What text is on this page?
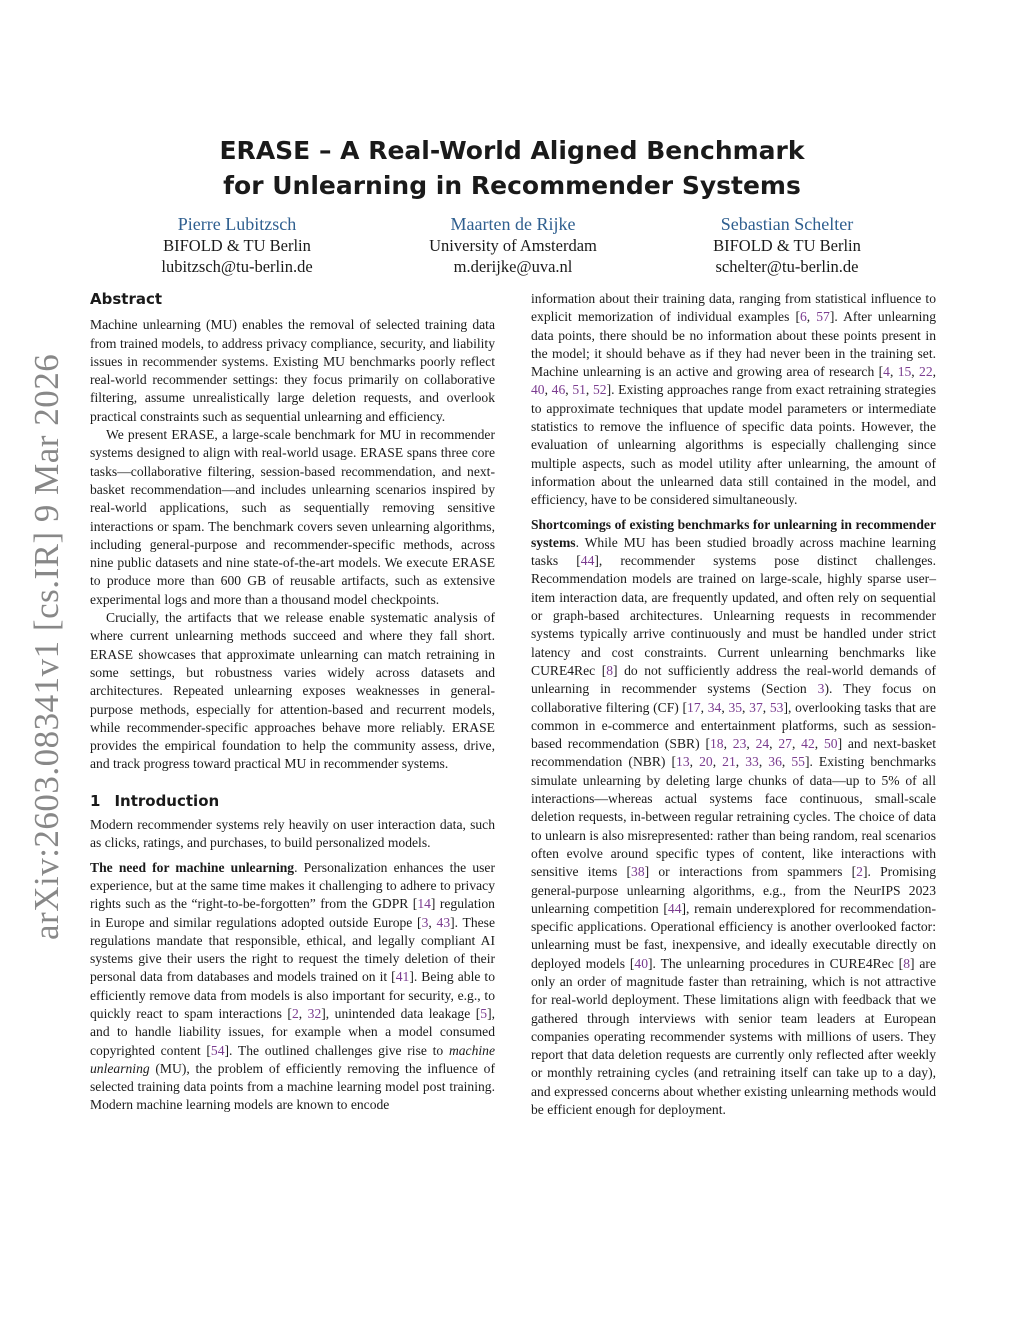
arXiv:2603.08341v1 [cs.IR] 9 Mar 2026
ERASE – A Real-World Aligned Benchmark
for Unlearning in Recommender Systems
Pierre Lubitzsch
BIFOLD & TU Berlin
lubitzsch@tu-berlin.de
Maarten de Rijke
University of Amsterdam
m.derijke@uva.nl
Sebastian Schelter
BIFOLD & TU Berlin
schelter@tu-berlin.de
Abstract

Machine unlearning (MU) enables the removal of selected training data from trained models, to address privacy compliance, security, and liability issues in recommender systems. Existing MU benchmarks poorly reflect real-world recommender settings: they focus primarily on collaborative filtering, assume unrealistically large deletion requests, and overlook practical constraints such as sequential unlearning and efficiency.

We present ERASE, a large-scale benchmark for MU in recommender systems designed to align with real-world usage. ERASE spans three core tasks—collaborative filtering, session-based recommendation, and next-basket recommendation—and includes unlearning scenarios inspired by real-world applications, such as sequentially removing sensitive interactions or spam. The benchmark covers seven unlearning algorithms, including general-purpose and recommender-specific methods, across nine public datasets and nine state-of-the-art models. We execute ERASE to produce more than 600 GB of reusable artifacts, such as extensive experimental logs and more than a thousand model checkpoints.

Crucially, the artifacts that we release enable systematic analysis of where current unlearning methods succeed and where they fall short. ERASE showcases that approximate unlearning can match retraining in some settings, but robustness varies widely across datasets and architectures. Repeated unlearning exposes weaknesses in general-purpose methods, especially for attention-based and recurrent models, while recommender-specific approaches behave more reliably. ERASE provides the empirical foundation to help the community assess, drive, and track progress toward practical MU in recommender systems.

1 Introduction

Modern recommender systems rely heavily on user interaction data, such as clicks, ratings, and purchases, to build personalized models.

The need for machine unlearning. Personalization enhances the user experience, but at the same time makes it challenging to adhere to privacy rights such as the “right-to-be-forgotten” from the GDPR [14] regulation in Europe and similar regulations adopted outside Europe [3, 43]. These regulations mandate that responsible, ethical, and legally compliant AI systems give their users the right to request the timely deletion of their personal data from databases and models trained on it [41]. Being able to efficiently remove data from models is also important for security, e.g., to quickly react to spam interactions [2, 32], unintended data leakage [5], and to handle liability issues, for example when a model consumed copyrighted content [54]. The outlined challenges give rise to machine unlearning (MU), the problem of efficiently removing the influence of selected training data points from a machine learning model post training. Modern machine learning models are known to encode

information about their training data, ranging from statistical influence to explicit memorization of individual examples [6, 57]. After unlearning data points, there should be no information about these points present in the model; it should behave as if they had never been in the training set. Machine unlearning is an active and growing area of research [4, 15, 22, 40, 46, 51, 52]. Existing approaches range from exact retraining strategies to approximate techniques that update model parameters or intermediate statistics to remove the influence of specific data points. However, the evaluation of unlearning algorithms is especially challenging since multiple aspects, such as model utility after unlearning, the amount of information about the unlearned data still contained in the model, and efficiency, have to be considered simultaneously.

Shortcomings of existing benchmarks for unlearning in recommender systems. While MU has been studied broadly across machine learning tasks [44], recommender systems pose distinct challenges. Recommendation models are trained on large-scale, highly sparse user–item interaction data, are frequently updated, and often rely on sequential or graph-based architectures. Unlearning requests in recommender systems typically arrive continuously and must be handled under strict latency and cost constraints. Current unlearning benchmarks like CURE4Rec [8] do not sufficiently address the real-world demands of unlearning in recommender systems (Section 3). They focus on collaborative filtering (CF) [17, 34, 35, 37, 53], overlooking tasks that are common in e-commerce and entertainment platforms, such as session-based recommendation (SBR) [18, 23, 24, 27, 42, 50] and next-basket recommendation (NBR) [13, 20, 21, 33, 36, 55]. Existing benchmarks simulate unlearning by deleting large chunks of data—up to 5% of all interactions—whereas actual systems face continuous, small-scale deletion requests, in-between regular retraining cycles. The choice of data to unlearn is also misrepresented: rather than being random, real scenarios often evolve around specific types of content, like interactions with sensitive items [38] or interactions from spammers [2]. Promising general-purpose unlearning algorithms, e.g., from the NeurIPS 2023 unlearning competition [44], remain underexplored for recommendation-specific applications. Operational efficiency is another overlooked factor: unlearning must be fast, inexpensive, and ideally executable directly on deployed models [40]. The unlearning procedures in CURE4Rec [8] are only an order of magnitude faster than retraining, which is not attractive for real-world deployment. These limitations align with feedback that we gathered through interviews with senior team leaders at European companies operating recommender systems with millions of users. They report that data deletion requests are currently only reflected after weekly or monthly retraining cycles (and retraining itself can take up to a day), and expressed concerns about whether existing unlearning methods would be efficient enough for deployment.
